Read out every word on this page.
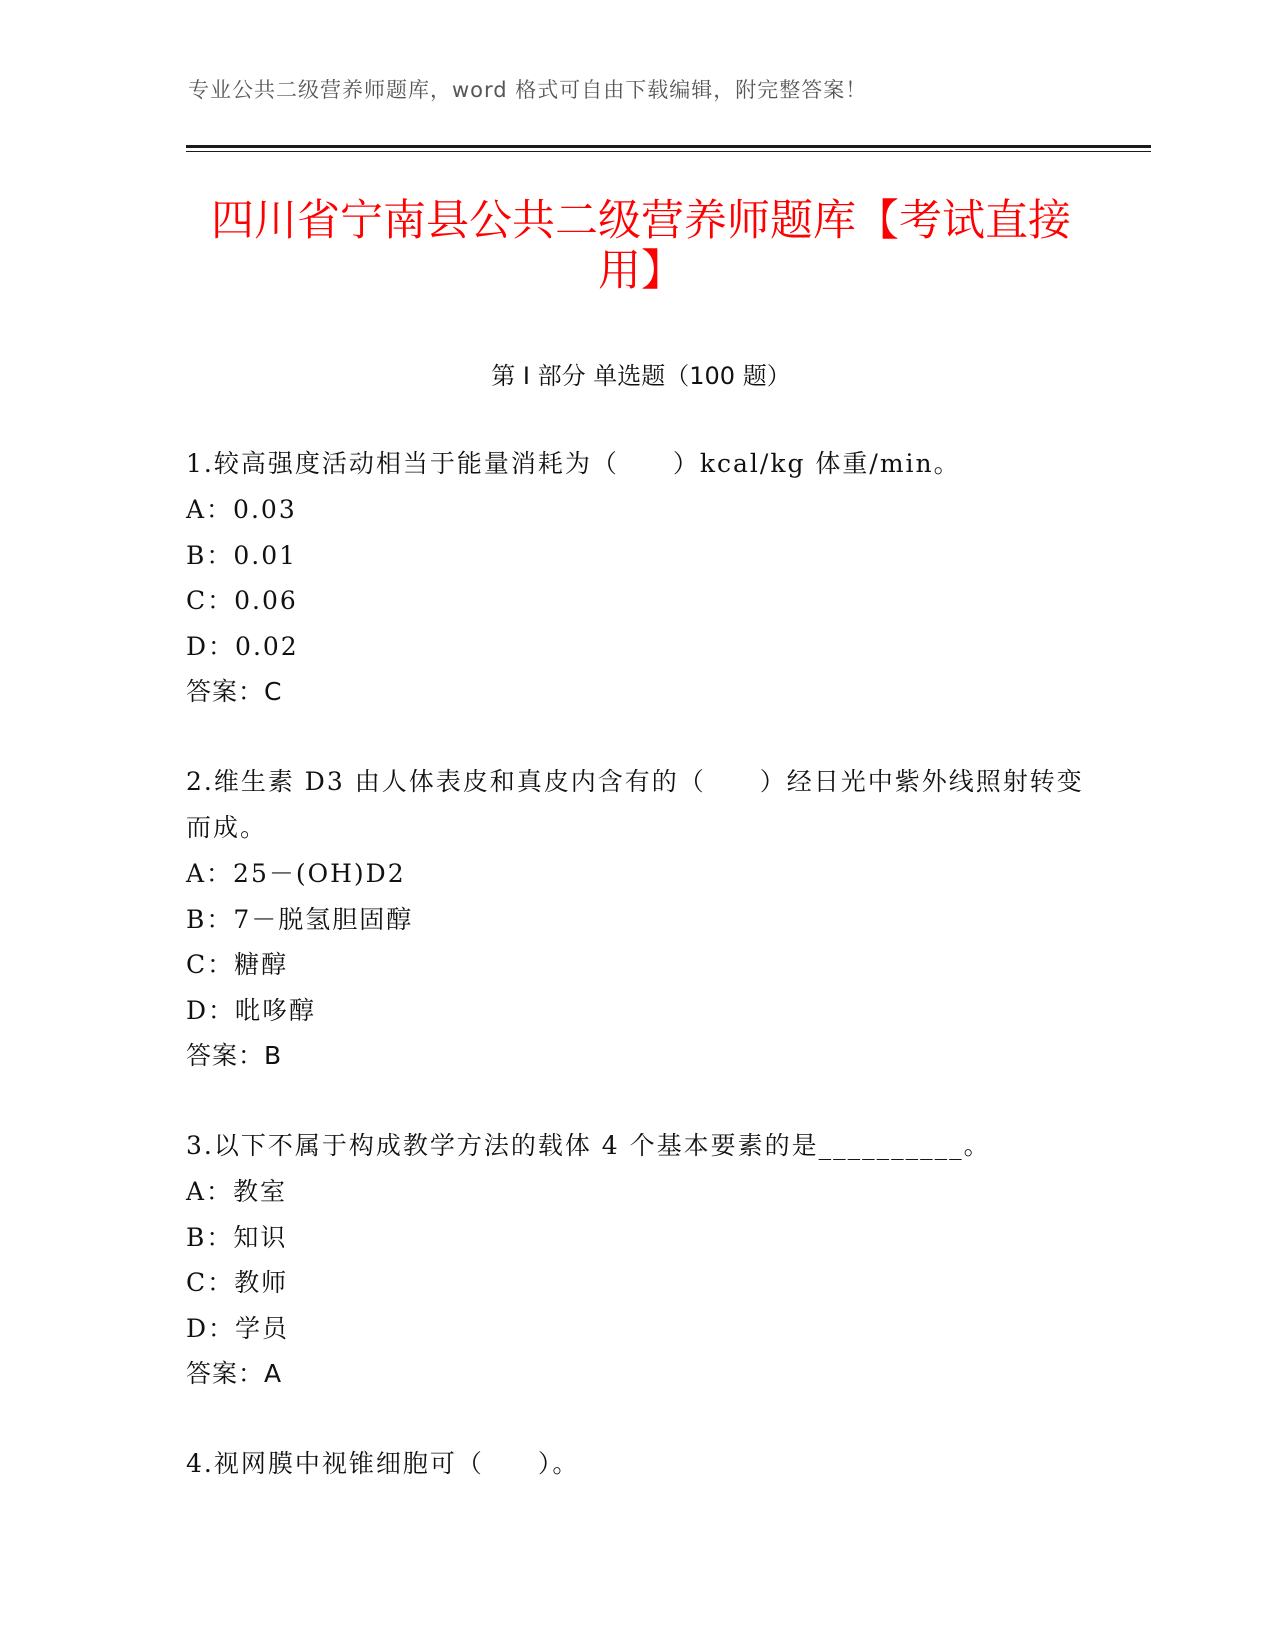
专业公共二级营养师题库，word 格式可自由下载编辑，附完整答案！
四川省宁南县公共二级营养师题库【考试直接用】
第 I 部分 单选题（100 题）

1.较高强度活动相当于能量消耗为（　　）kcal/kg 体重/min。

A：0.03

B：0.01

C：0.06

D：0.02

答案：C

2.维生素 D3 由人体表皮和真皮内含有的（　　）经日光中紫外线照射转变而成。

A：25－(OH)D2

B：7－脱氢胆固醇

C：糖醇

D：吡哆醇

答案：B

3.以下不属于构成教学方法的载体 4 个基本要素的是__________。

A：教室

B：知识

C：教师

D：学员

答案：A

4.视网膜中视锥细胞可（　　）。
